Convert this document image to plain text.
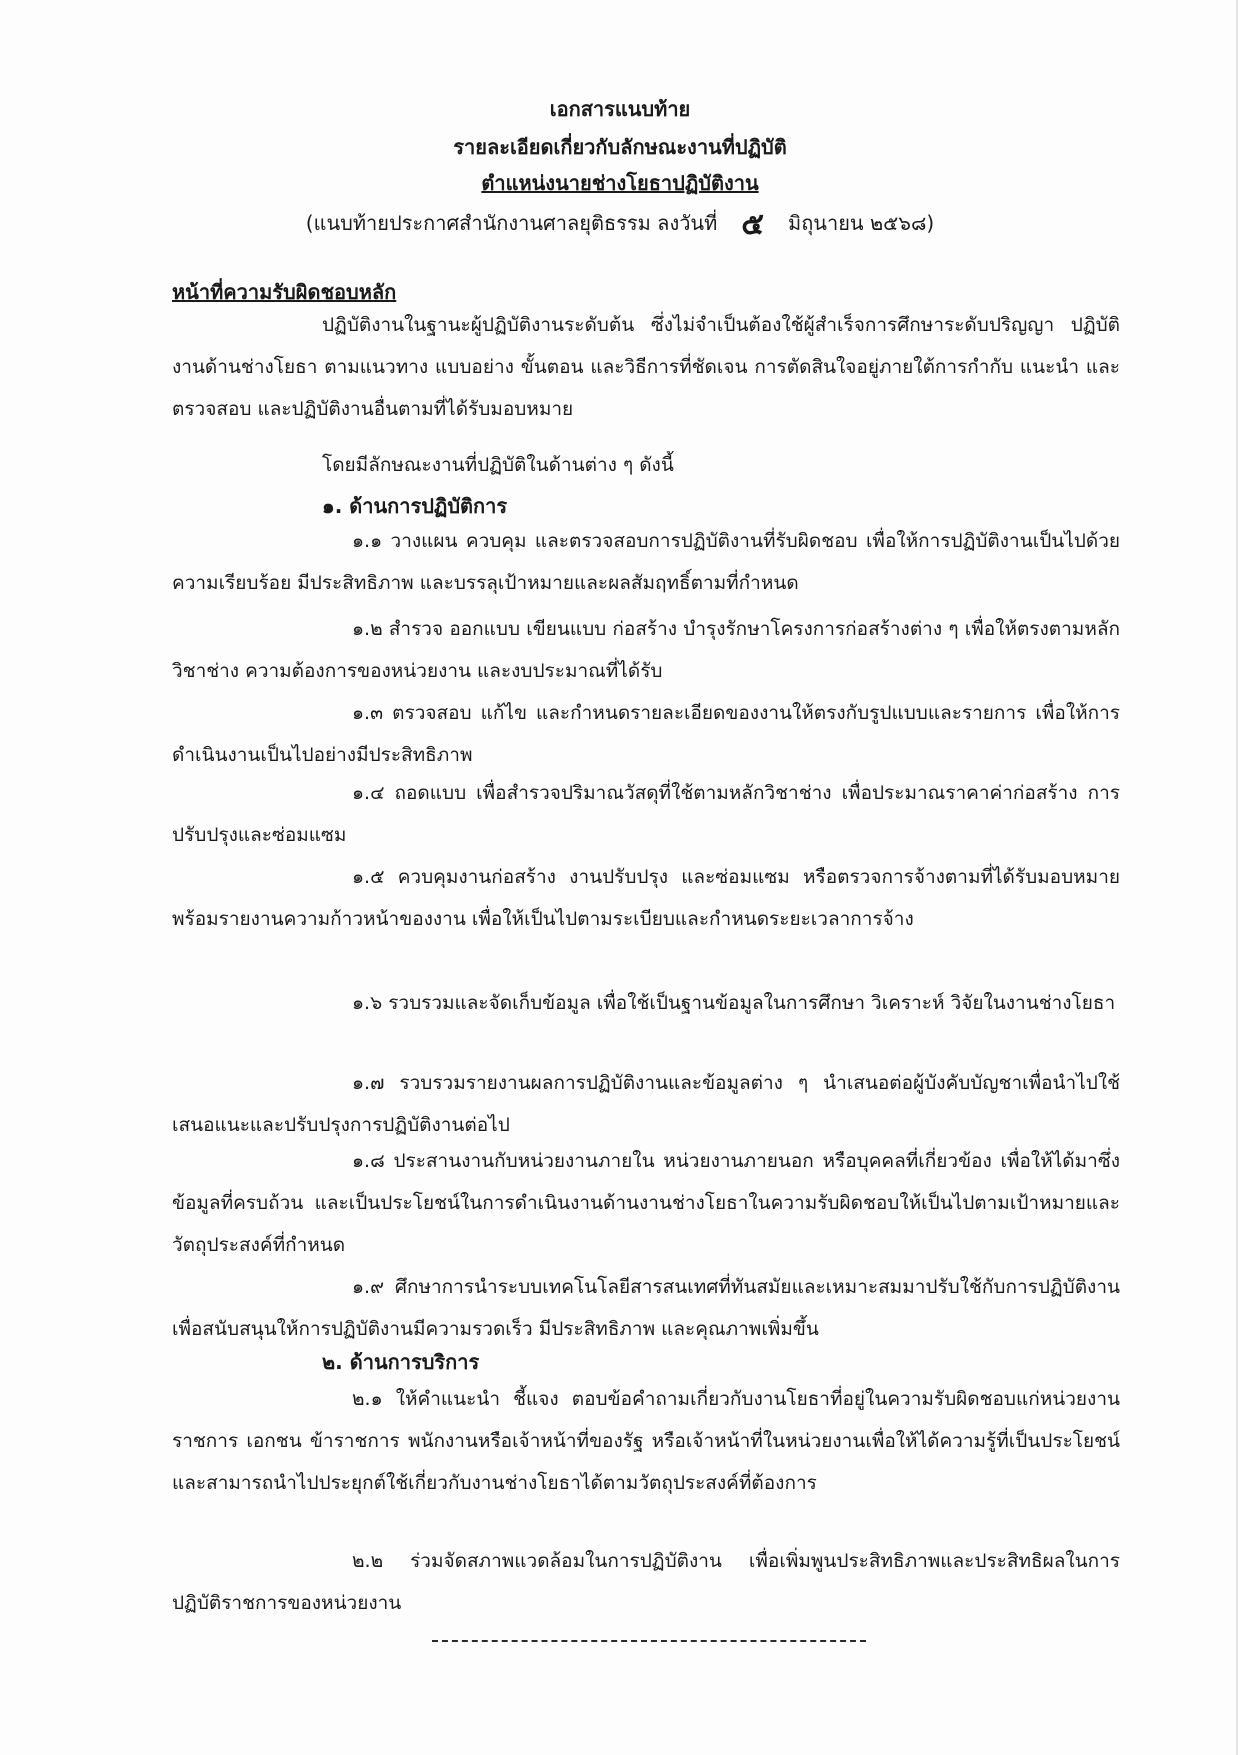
เอกสารแนบท้าย
รายละเอียดเกี่ยวกับลักษณะงานที่ปฏิบัติ
ตำแหน่งนายช่างโยธาปฏิบัติงาน
(แนบท้ายประกาศสำนักงานศาลยุติธรรม ลงวันที่ ๕ มิถุนายน ๒๕๖๘)
หน้าที่ความรับผิดชอบหลัก
ปฏิบัติงานในฐานะผู้ปฏิบัติงานระดับต้น ซึ่งไม่จำเป็นต้องใช้ผู้สำเร็จการศึกษาระดับปริญญา ปฏิบัติงานด้านช่างโยธา ตามแนวทาง แบบอย่าง ขั้นตอน และวิธีการที่ชัดเจน การตัดสินใจอยู่ภายใต้การกำกับ แนะนำ และตรวจสอบ และปฏิบัติงานอื่นตามที่ได้รับมอบหมาย
โดยมีลักษณะงานที่ปฏิบัติในด้านต่าง ๆ ดังนี้
๑. ด้านการปฏิบัติการ
๑.๑ วางแผน ควบคุม และตรวจสอบการปฏิบัติงานที่รับผิดชอบ เพื่อให้การปฏิบัติงานเป็นไปด้วยความเรียบร้อย มีประสิทธิภาพ และบรรลุเป้าหมายและผลสัมฤทธิ์ตามที่กำหนด
๑.๒ สำรวจ ออกแบบ เขียนแบบ ก่อสร้าง บำรุงรักษาโครงการก่อสร้างต่าง ๆ เพื่อให้ตรงตามหลักวิชาช่าง ความต้องการของหน่วยงาน และงบประมาณที่ได้รับ
๑.๓ ตรวจสอบ แก้ไข และกำหนดรายละเอียดของงานให้ตรงกับรูปแบบและรายการ เพื่อให้การดำเนินงานเป็นไปอย่างมีประสิทธิภาพ
๑.๔ ถอดแบบ เพื่อสำรวจปริมาณวัสดุที่ใช้ตามหลักวิชาช่าง เพื่อประมาณราคาค่าก่อสร้าง การปรับปรุงและซ่อมแซม
๑.๕ ควบคุมงานก่อสร้าง งานปรับปรุง และซ่อมแซม หรือตรวจการจ้างตามที่ได้รับมอบหมาย พร้อมรายงานความก้าวหน้าของงาน เพื่อให้เป็นไปตามระเบียบและกำหนดระยะเวลาการจ้าง
๑.๖ รวบรวมและจัดเก็บข้อมูล เพื่อใช้เป็นฐานข้อมูลในการศึกษา วิเคราะห์ วิจัยในงานช่างโยธา
๑.๗ รวบรวมรายงานผลการปฏิบัติงานและข้อมูลต่าง ๆ นำเสนอต่อผู้บังคับบัญชาเพื่อนำไปใช้เสนอแนะและปรับปรุงการปฏิบัติงานต่อไป
๑.๘ ประสานงานกับหน่วยงานภายใน หน่วยงานภายนอก หรือบุคคลที่เกี่ยวข้อง เพื่อให้ได้มาซึ่งข้อมูลที่ครบถ้วน และเป็นประโยชน์ในการดำเนินงานด้านงานช่างโยธาในความรับผิดชอบให้เป็นไปตามเป้าหมายและวัตถุประสงค์ที่กำหนด
๑.๙ ศึกษาการนำระบบเทคโนโลยีสารสนเทศที่ทันสมัยและเหมาะสมมาปรับใช้กับการปฏิบัติงาน เพื่อสนับสนุนให้การปฏิบัติงานมีความรวดเร็ว มีประสิทธิภาพ และคุณภาพเพิ่มขึ้น
๒. ด้านการบริการ
๒.๑ ให้คำแนะนำ ชี้แจง ตอบข้อคำถามเกี่ยวกับงานโยธาที่อยู่ในความรับผิดชอบแก่หน่วยงานราชการ เอกชน ข้าราชการ พนักงานหรือเจ้าหน้าที่ของรัฐ หรือเจ้าหน้าที่ในหน่วยงานเพื่อให้ได้ความรู้ที่เป็นประโยชน์และสามารถนำไปประยุกต์ใช้เกี่ยวกับงานช่างโยธาได้ตามวัตถุประสงค์ที่ต้องการ
๒.๒ ร่วมจัดสภาพแวดล้อมในการปฏิบัติงาน เพื่อเพิ่มพูนประสิทธิภาพและประสิทธิผลในการปฏิบัติราชการของหน่วยงาน
